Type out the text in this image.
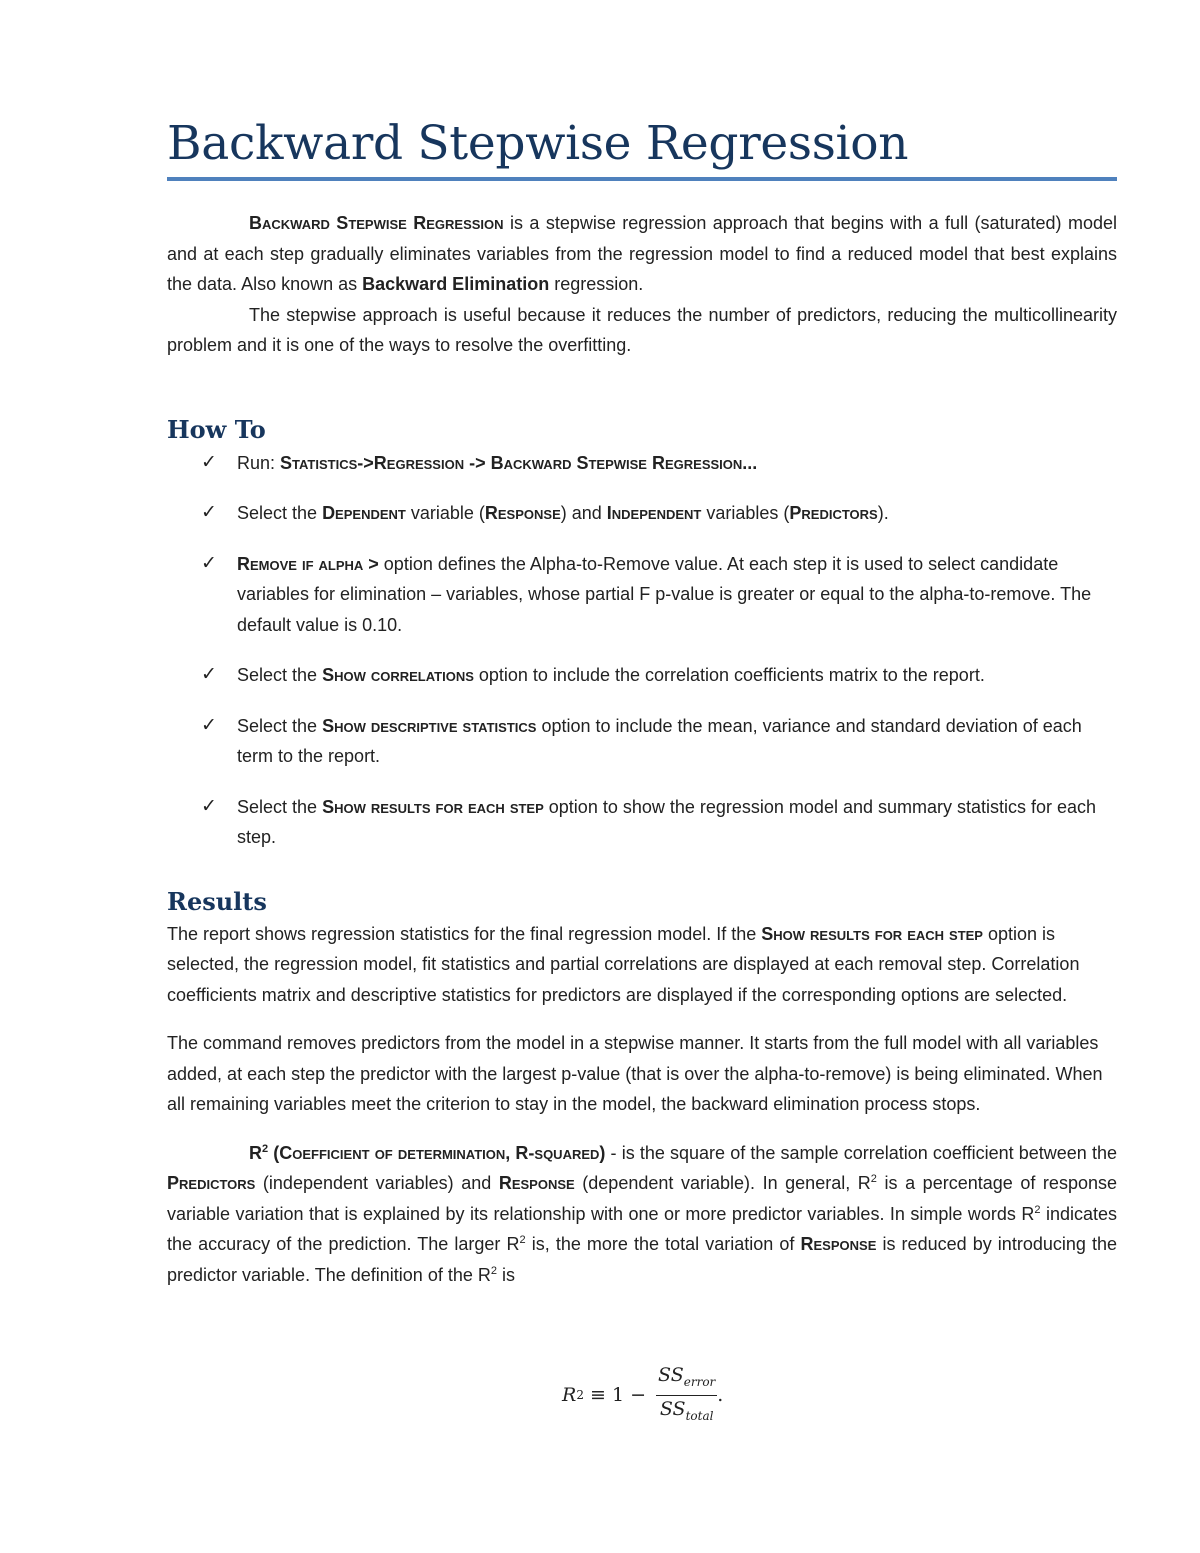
Backward Stepwise Regression

Backward Stepwise Regression is a stepwise regression approach that begins with a full (saturated) model and at each step gradually eliminates variables from the regression model to find a reduced model that best explains the data. Also known as Backward Elimination regression.

The stepwise approach is useful because it reduces the number of predictors, reducing the multicollinearity problem and it is one of the ways to resolve the overfitting.

How To
✓ Run: Statistics->Regression -> Backward Stepwise Regression...
✓ Select the Dependent variable (Response) and Independent variables (Predictors).
✓ Remove if alpha > option defines the Alpha-to-Remove value. At each step it is used to select candidate variables for elimination – variables, whose partial F p-value is greater or equal to the alpha-to-remove. The default value is 0.10.
✓ Select the Show correlations option to include the correlation coefficients matrix to the report.
✓ Select the Show descriptive statistics option to include the mean, variance and standard deviation of each term to the report.
✓ Select the Show results for each step option to show the regression model and summary statistics for each step.
Results

The report shows regression statistics for the final regression model. If the Show results for each step option is selected, the regression model, fit statistics and partial correlations are displayed at each removal step. Correlation coefficients matrix and descriptive statistics for predictors are displayed if the corresponding options are selected.

The command removes predictors from the model in a stepwise manner. It starts from the full model with all variables added, at each step the predictor with the largest p-value (that is over the alpha-to-remove) is being eliminated. When all remaining variables meet the criterion to stay in the model, the backward elimination process stops.

$R^2$ (Coefficient of determination, R-squared) - is the square of the sample correlation coefficient between the Predictors (independent variables) and Response (dependent variable). In general, $R^2$ is a percentage of response variable variation that is explained by its relationship with one or more predictor variables. In simple words $R^2$ indicates the accuracy of the prediction. The larger $R^2$ is, the more the total variation of Response is reduced by introducing the predictor variable. The definition of the $R^2$ is

R $2 \equiv 1 - \frac{SS_{error}}{SS_{total}}$ .
